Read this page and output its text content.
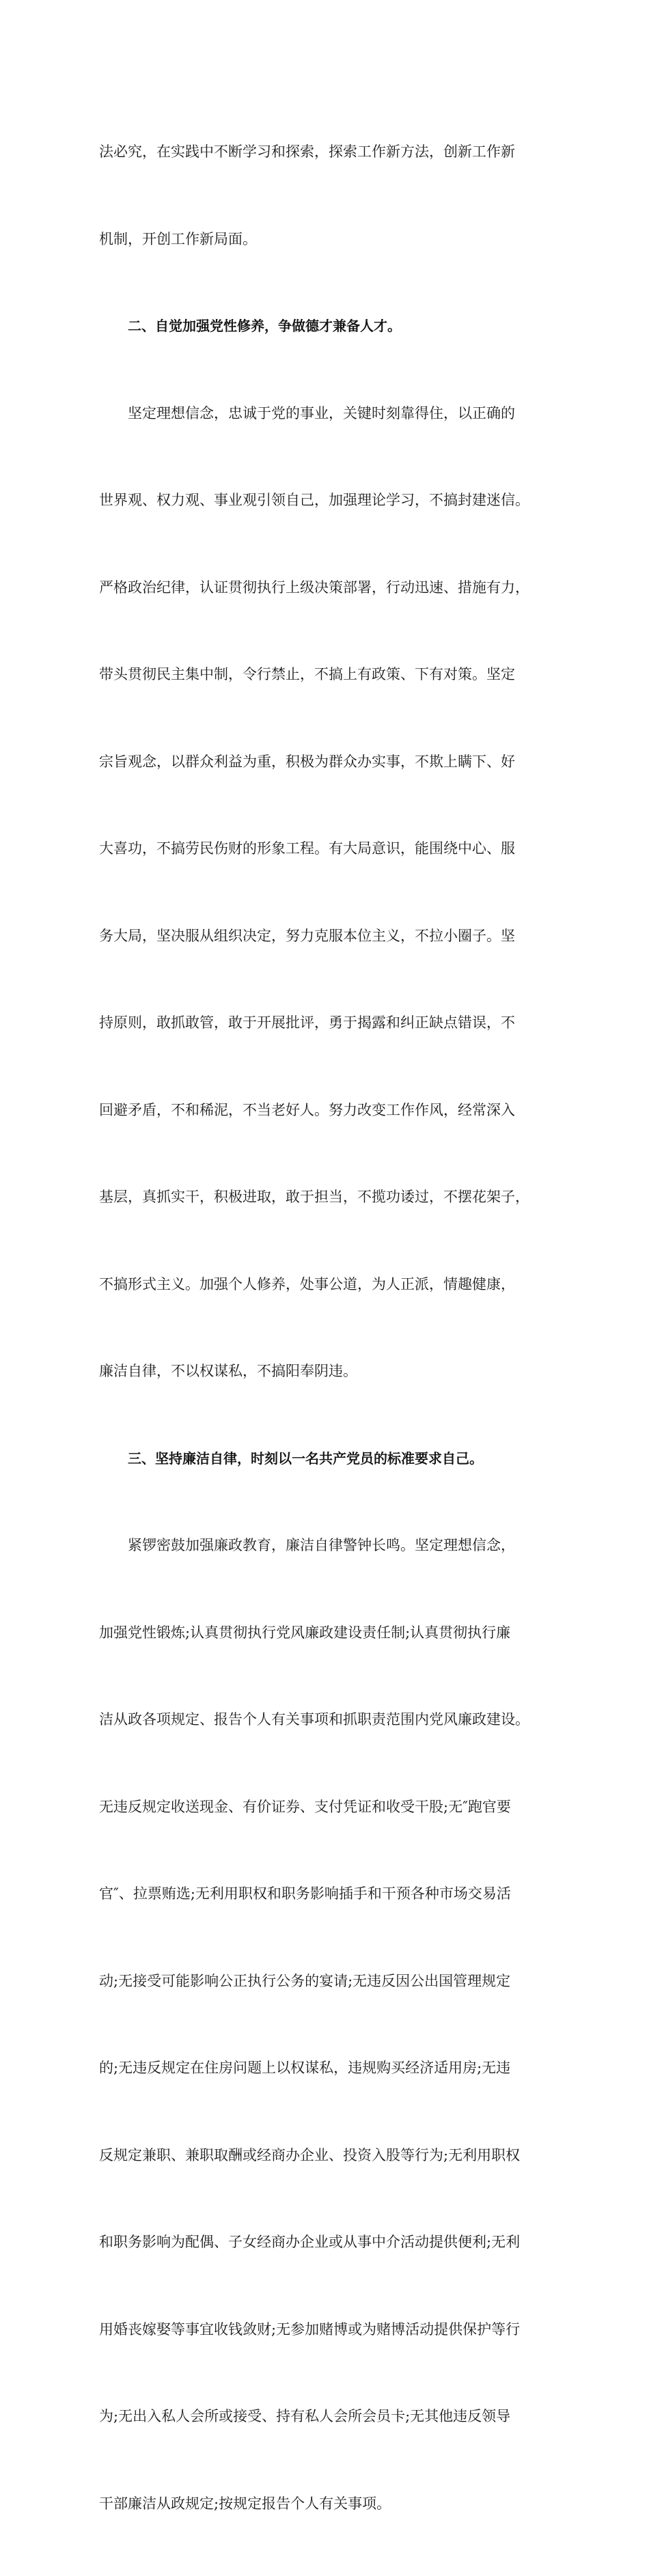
法必究，在实践中不断学习和探索，探索工作新方法，创新工作新

机制，开创工作新局面。

二、自觉加强党性修养，争做德才兼备人才。

坚定理想信念，忠诚于党的事业，关键时刻靠得住，以正确的

世界观、权力观、事业观引领自己，加强理论学习，不搞封建迷信。

严格政治纪律，认证贯彻执行上级决策部署，行动迅速、措施有力，

带头贯彻民主集中制，令行禁止，不搞上有政策、下有对策。坚定

宗旨观念，以群众利益为重，积极为群众办实事，不欺上瞒下、好

大喜功，不搞劳民伤财的形象工程。有大局意识，能围绕中心、服

务大局，坚决服从组织决定，努力克服本位主义，不拉小圈子。坚

持原则，敢抓敢管，敢于开展批评，勇于揭露和纠正缺点错误，不

回避矛盾，不和稀泥，不当老好人。努力改变工作作风，经常深入

基层，真抓实干，积极进取，敢于担当，不揽功诿过，不摆花架子，

不搞形式主义。加强个人修养，处事公道，为人正派，情趣健康，

廉洁自律，不以权谋私，不搞阳奉阴违。

三、坚持廉洁自律，时刻以一名共产党员的标准要求自己。

紧锣密鼓加强廉政教育，廉洁自律警钟长鸣。坚定理想信念，

加强党性锻炼;认真贯彻执行党风廉政建设责任制;认真贯彻执行廉

洁从政各项规定、报告个人有关事项和抓职责范围内党风廉政建设。

无违反规定收送现金、有价证券、支付凭证和收受干股;无″跑官要

官″、拉票贿选;无利用职权和职务影响插手和干预各种市场交易活

动;无接受可能影响公正执行公务的宴请;无违反因公出国管理规定

的;无违反规定在住房问题上以权谋私，违规购买经济适用房;无违

反规定兼职、兼职取酬或经商办企业、投资入股等行为;无利用职权

和职务影响为配偶、子女经商办企业或从事中介活动提供便利;无利

用婚丧嫁娶等事宜收钱敛财;无参加赌博或为赌博活动提供保护等行

为;无出入私人会所或接受、持有私人会所会员卡;无其他违反领导

干部廉洁从政规定;按规定报告个人有关事项。
